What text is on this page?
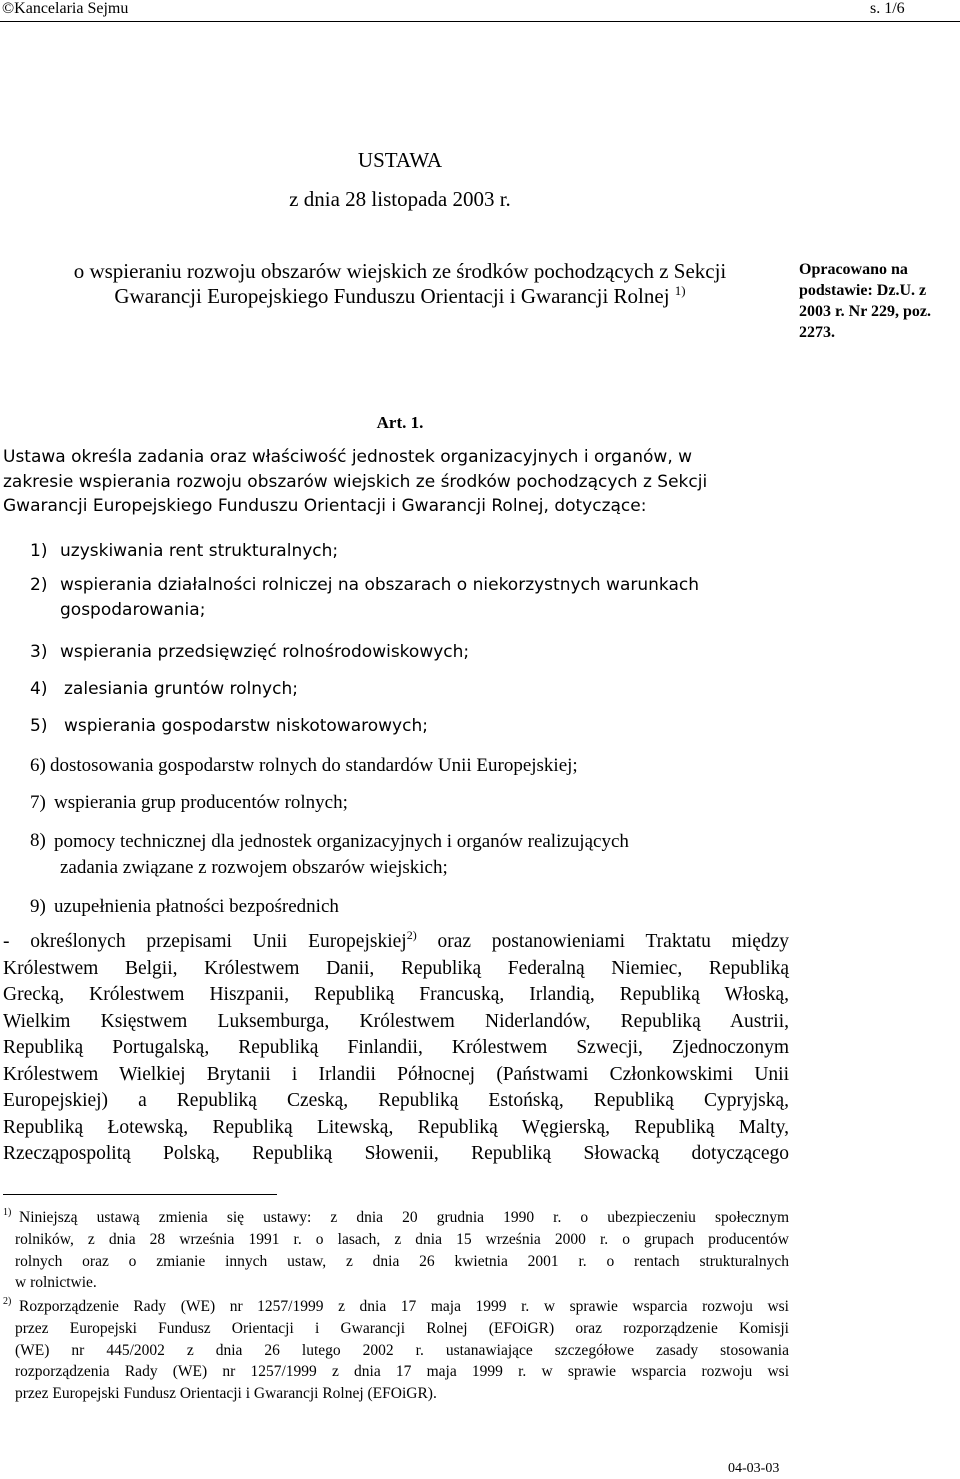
©Kancelaria Sejmu	s. 1/6
USTAWA
z dnia 28 listopada 2003 r.
o wspieraniu rozwoju obszarów wiejskich ze środków pochodzących z Sekcji
Gwarancji Europejskiego Funduszu Orientacji i Gwarancji Rolnej $^{1)}$
Opracowano na
podstawie: Dz.U. z
2003 r. Nr 229, poz.
2273.
Art. 1.
Ustawa określa zadania oraz właściwość jednostek organizacyjnych i organów, w
zakresie wspierania rozwoju obszarów wiejskich ze środków pochodzących z Sekcji
Gwarancji Europejskiego Funduszu Orientacji i Gwarancji Rolnej, dotyczące:
1) uzyskiwania rent strukturalnych;
2) wspierania działalności rolniczej na obszarach o niekorzystnych warunkach
gospodarowania;
3) wspierania przedsięwzięć rolnośrodowiskowych;
4) zalesiania gruntów rolnych;
5) wspierania gospodarstw niskotowarowych;
6) dostosowania gospodarstw rolnych do standardów Unii Europejskiej;
7) wspierania grup producentów rolnych;
8) pomocy technicznej dla jednostek organizacyjnych i organów realizujących
zadania związane z rozwojem obszarów wiejskich;
9) uzupełnienia płatności bezpośrednich
- określonych przepisami Unii Europejskiej$^{2)}$ oraz postanowieniami Traktatu między
Królestwem Belgii, Królestwem Danii, Republiką Federalną Niemiec, Republiką
Grecką, Królestwem Hiszpanii, Republiką Francuską, Irlandią, Republiką Włoską,
Wielkim Księstwem Luksemburga, Królestwem Niderlandów, Republiką Austrii,
Republiką Portugalską, Republiką Finlandii, Królestwem Szwecji, Zjednoczonym
Królestwem Wielkiej Brytanii i Irlandii Północnej (Państwami Członkowskimi Unii
Europejskiej) a Republiką Czeską, Republiką Estońską, Republiką Cypryjską,
Republiką Łotewską, Republiką Litewską, Republiką Węgierską, Republiką Malty,
Rzecząpospolitą Polską, Republiką Słowenii, Republiką Słowacką dotyczącego
1) Niniejszą ustawą zmienia się ustawy: z dnia 20 grudnia 1990 r. o ubezpieczeniu społecznym
rolników, z dnia 28 września 1991 r. o lasach, z dnia 15 września 2000 r. o grupach producentów
rolnych oraz o zmianie innych ustaw, z dnia 26 kwietnia 2001 r. o rentach strukturalnych
w rolnictwie.
2) Rozporządzenie Rady (WE) nr 1257/1999 z dnia 17 maja 1999 r. w sprawie wsparcia rozwoju wsi
przez Europejski Fundusz Orientacji i Gwarancji Rolnej (EFOiGR) oraz rozporządzenie Komisji
(WE) nr 445/2002 z dnia 26 lutego 2002 r. ustanawiające szczegółowe zasady stosowania
rozporządzenia Rady (WE) nr 1257/1999 z dnia 17 maja 1999 r. w sprawie wsparcia rozwoju wsi
przez Europejski Fundusz Orientacji i Gwarancji Rolnej (EFOiGR).
04-03-03
